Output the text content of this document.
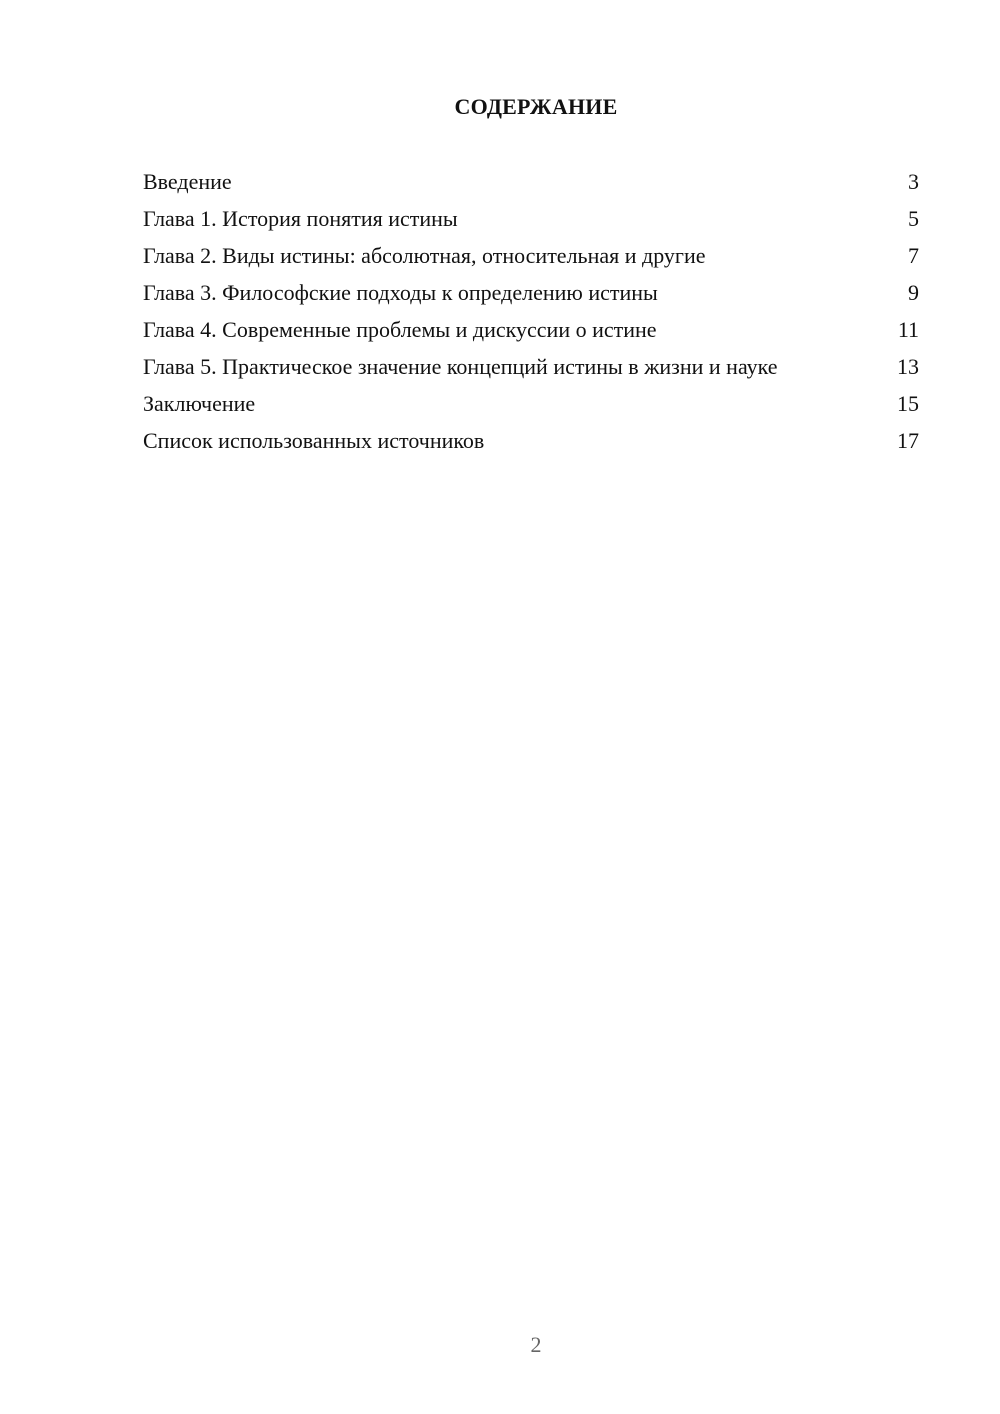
СОДЕРЖАНИЕ
Введение	3
Глава 1. История понятия истины	5
Глава 2. Виды истины: абсолютная, относительная и другие	7
Глава 3. Философские подходы к определению истины	9
Глава 4. Современные проблемы и дискуссии о истине	11
Глава 5. Практическое значение концепций истины в жизни и науке	13
Заключение	15
Список использованных источников	17
2
